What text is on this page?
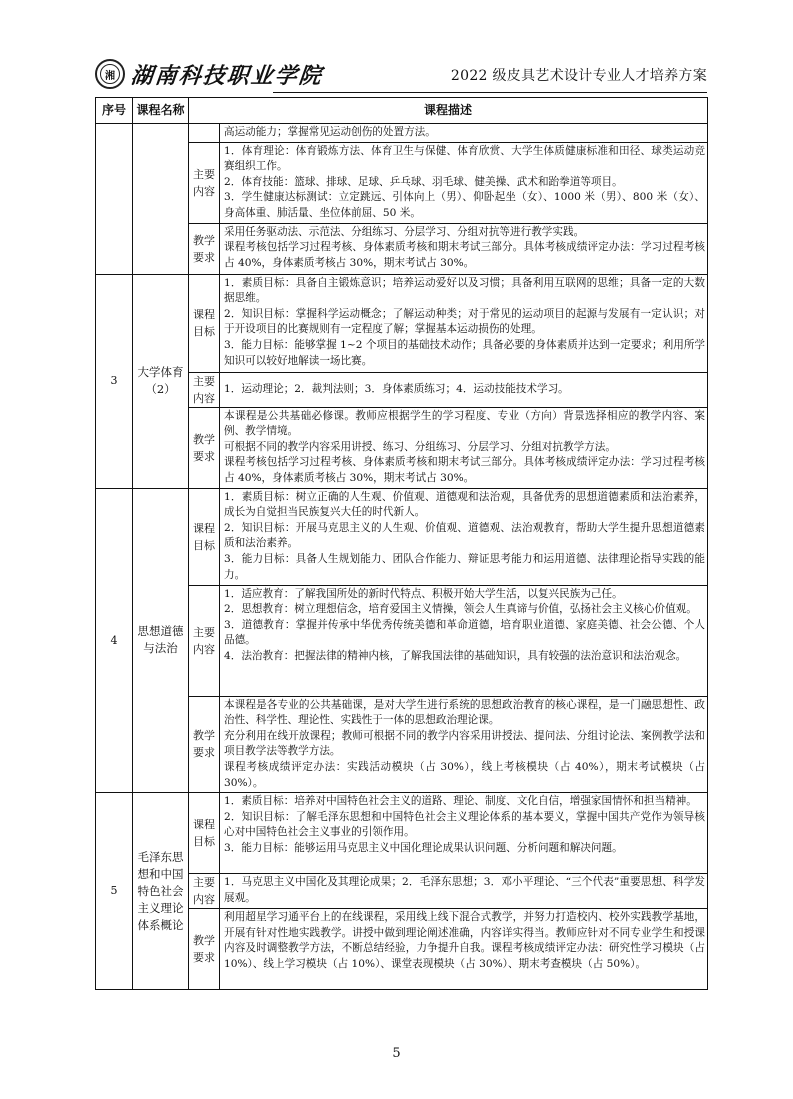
湘 湖南科技职业学院	2022 级皮具艺术设计专业人才培养方案
序号	课程名称	课程描述	

			高运动能力；掌握常见运动创伤的处置方法。

		主要内容	1．体育理论：体育锻炼方法、体育卫生与保健、体育欣赏、大学生体质健康标准和田径、球类运动竞赛组织工作。

2．体育技能：篮球、排球、足球、乒乓球、羽毛球、健美操、武术和跆拳道等项目。

3．学生健康达标测试：立定跳远、引体向上（男）、仰卧起坐（女）、1000 米（男）、800 米（女）、身高体重、肺活量、坐位体前屈、50 米。

		教学要求	采用任务驱动法、示范法、分组练习、分层学习、分组对抗等进行教学实践。

课程考核包括学习过程考核、身体素质考核和期末考试三部分。具体考核成绩评定办法：学习过程考核占 40%，身体素质考核占 30%，期末考试占 30%。

3	大学体育（2）	课程目标	1．素质目标：具备自主锻炼意识；培养运动爱好以及习惯；具备利用互联网的思维；具备一定的大数据思维。

2．知识目标：掌握科学运动概念；了解运动种类；对于常见的运动项目的起源与发展有一定认识；对于开设项目的比赛规则有一定程度了解；掌握基本运动损伤的处理。

3．能力目标：能够掌握 1~2 个项目的基础技术动作；具备必要的身体素质并达到一定要求；利用所学知识可以较好地解读一场比赛。

		主要内容	1．运动理论；2．裁判法则；3．身体素质练习；4．运动技能技术学习。

		教学要求	本课程是公共基础必修课。教师应根据学生的学习程度、专业（方向）背景选择相应的教学内容、案例、教学情境。

可根据不同的教学内容采用讲授、练习、分组练习、分层学习、分组对抗教学方法。

课程考核包括学习过程考核、身体素质考核和期末考试三部分。具体考核成绩评定办法：学习过程考核占 40%，身体素质考核占 30%，期末考试占 30%。

4	思想道德与法治	课程目标	1．素质目标：树立正确的人生观、价值观、道德观和法治观，具备优秀的思想道德素质和法治素养，成长为自觉担当民族复兴大任的时代新人。

2．知识目标：开展马克思主义的人生观、价值观、道德观、法治观教育，帮助大学生提升思想道德素质和法治素养。

3．能力目标：具备人生规划能力、团队合作能力、辩证思考能力和运用道德、法律理论指导实践的能力。

		主要内容	1．适应教育：了解我国所处的新时代特点、积极开始大学生活，以复兴民族为己任。

2．思想教育：树立理想信念，培育爱国主义情操，领会人生真谛与价值，弘扬社会主义核心价值观。

3．道德教育：掌握并传承中华优秀传统美德和革命道德，培育职业道德、家庭美德、社会公德、个人品德。

4．法治教育：把握法律的精神内核，了解我国法律的基础知识，具有较强的法治意识和法治观念。

		教学要求	本课程是各专业的公共基础课，是对大学生进行系统的思想政治教育的核心课程，是一门融思想性、政治性、科学性、理论性、实践性于一体的思想政治理论课。

充分利用在线开放课程；教师可根据不同的教学内容采用讲授法、提问法、分组讨论法、案例教学法和项目教学法等教学方法。

课程考核成绩评定办法：实践活动模块（占 30%），线上考核模块（占 40%），期末考试模块（占 30%）。

5	毛泽东思想和中国特色社会主义理论体系概论	课程目标	1．素质目标：培养对中国特色社会主义的道路、理论、制度、文化自信，增强家国情怀和担当精神。

2．知识目标：了解毛泽东思想和中国特色社会主义理论体系的基本要义，掌握中国共产党作为领导核心对中国特色社会主义事业的引领作用。

3．能力目标：能够运用马克思主义中国化理论成果认识问题、分析问题和解决问题。

		主要内容	1．马克思主义中国化及其理论成果；2．毛泽东思想；3．邓小平理论、“三个代表”重要思想、科学发展观。

		教学要求	利用超星学习通平台上的在线课程，采用线上线下混合式教学，并努力打造校内、校外实践教学基地，开展有针对性地实践教学。讲授中做到理论阐述准确，内容详实得当。教师应针对不同专业学生和授课内容及时调整教学方法，不断总结经验，力争提升自我。课程考核成绩评定办法：研究性学习模块（占 10%）、线上学习模块（占 10%）、课堂表现模块（占 30%）、期末考查模块（占 50%）。

5
